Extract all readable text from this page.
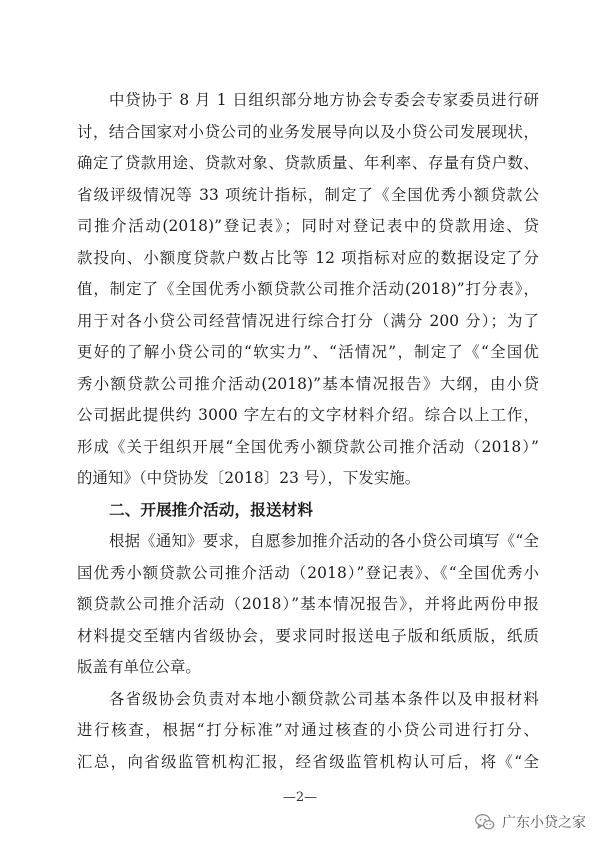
中贷协于 8 月 1 日组织部分地方协会专委会专家委员进行研
讨，结合国家对小贷公司的业务发展导向以及小贷公司发展现状，
确定了贷款用途、贷款对象、贷款质量、年利率、存量有贷户数、
省级评级情况等 33 项统计指标，制定了《全国优秀小额贷款公
司推介活动(2018)”登记表》；同时对登记表中的贷款用途、贷
款投向、小额度贷款户数占比等 12 项指标对应的数据设定了分
值，制定了《全国优秀小额贷款公司推介活动(2018)”打分表》，
用于对各小贷公司经营情况进行综合打分（满分 200 分）；为了
更好的了解小贷公司的“软实力”、“活情况”，制定了《“全国优
秀小额贷款公司推介活动(2018)”基本情况报告》大纲，由小贷
公司据此提供约 3000 字左右的文字材料介绍。综合以上工作，
形成《关于组织开展“全国优秀小额贷款公司推介活动（2018）”
的通知》（中贷协发〔2018〕23 号），下发实施。
二、开展推介活动，报送材料
根据《通知》要求，自愿参加推介活动的各小贷公司填写《“全
国优秀小额贷款公司推介活动（2018）”登记表》、《“全国优秀小
额贷款公司推介活动（2018）”基本情况报告》，并将此两份申报
材料提交至辖内省级协会，要求同时报送电子版和纸质版，纸质
版盖有单位公章。
—2—
广东小贷之家
各省级协会负责对本地小额贷款公司基本条件以及申报材料
进行核查，根据“打分标准”对通过核查的小贷公司进行打分、
汇总，向省级监管机构汇报，经省级监管机构认可后，将《“全
